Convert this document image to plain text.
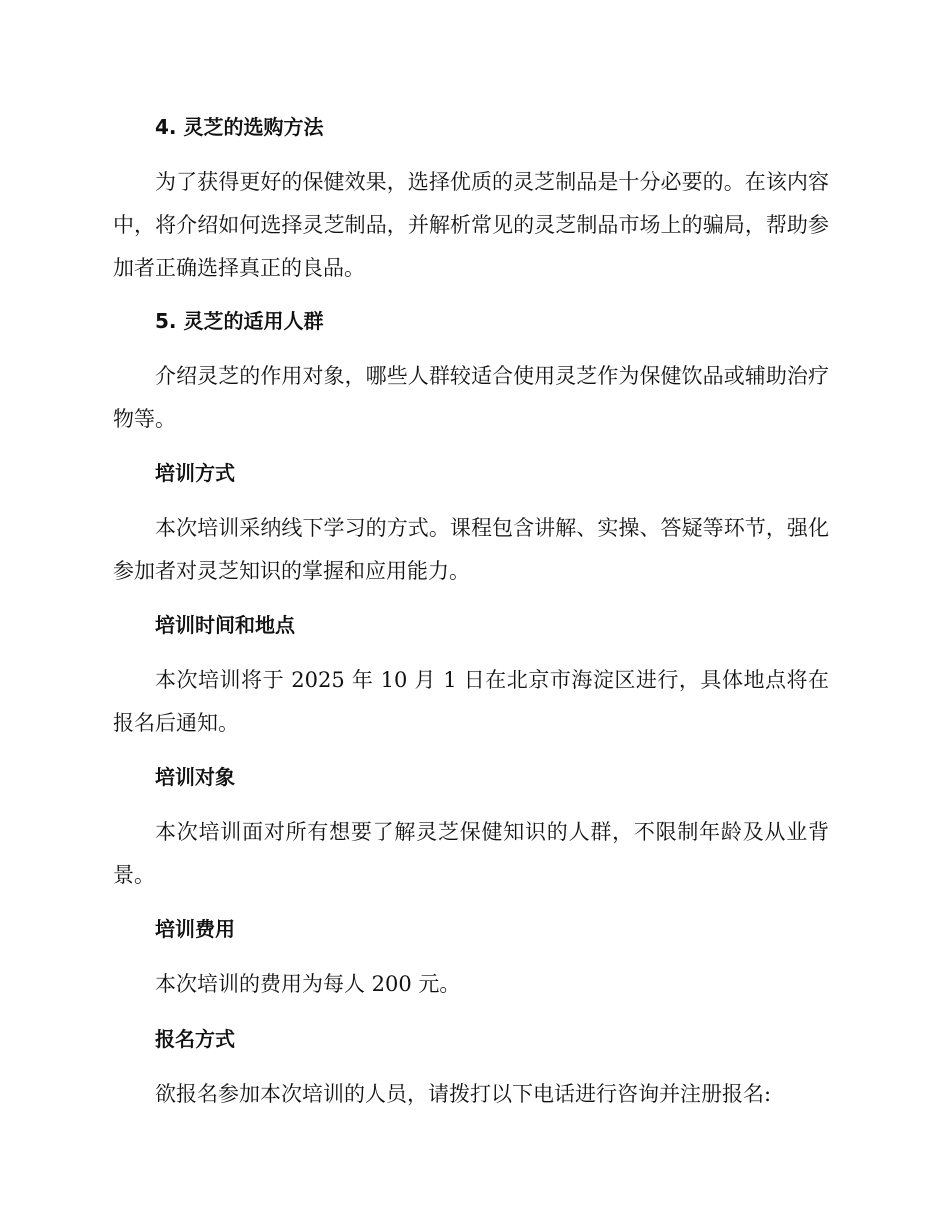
4. 灵芝的选购方法

为了获得更好的保健效果，选择优质的灵芝制品是十分必要的。在该内容中，将介绍如何选择灵芝制品，并解析常见的灵芝制品市场上的骗局，帮助参加者正确选择真正的良品。

5. 灵芝的适用人群

介绍灵芝的作用对象，哪些人群较适合使用灵芝作为保健饮品或辅助治疗物等。

培训方式

本次培训采纳线下学习的方式。课程包含讲解、实操、答疑等环节，强化参加者对灵芝知识的掌握和应用能力。

培训时间和地点

本次培训将于 2025 年 10 月 1 日在北京市海淀区进行，具体地点将在报名后通知。

培训对象

本次培训面对所有想要了解灵芝保健知识的人群，不限制年龄及从业背景。

培训费用

本次培训的费用为每人 200 元。

报名方式

欲报名参加本次培训的人员，请拨打以下电话进行咨询并注册报名:
